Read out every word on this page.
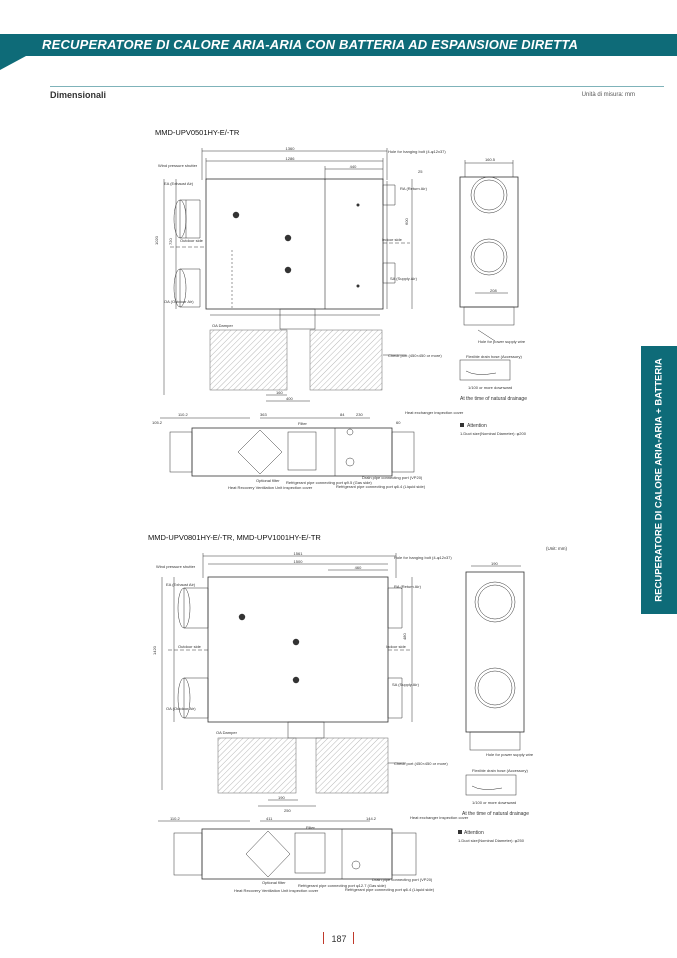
RECUPERATORE DI CALORE ARIA-ARIA CON BATTERIA AD ESPANSIONE DIRETTA
Dimensionali	Unità di misura: mm
RECUPERATORE DI CALORE ARIA-ARIA + BATTERIA
MMD-UPV0501HY-E/-TR
1360
1286
440
25
1020 720
600
160
400
Wind pressure shutter
EA (Exhaust Air)
Hole for hanging bolt (4-φ12x37)
RA (Return Air)
Outdoor side	Indoor side
SA (Supply Air)
OA (Outdoor Air)
OA Damper
Check port (450×450 or more)
160.5
208
Hole for power supply wire
Flexible drain hose (Accessory)
1/100 or more downward
At the time of natural drainage
Attention
1.Duct size(Nominal Diameter): φ200
110.2	363
105.2
84	230
60
Filter
Heat exchanger inspection cover
Optional filter
Heat Recovery Ventilation Unit inspection cover
Refrigerant pipe connecting port φ9.5 (Gas side)
Refrigerant pipe connecting port φ6.4 (Liquid side)
Drain pipe connecting port (VP20)
MMD-UPV0801HY-E/-TR, MMD-UPV1001HY-E/-TR
(Unit: mm)
1561
1500
460
1420
480
190
250
Wind pressure shutter
EA (Exhaust Air)
Hole for hanging bolt (4-φ12x37)
RA (Return Air)
Outdoor side	Indoor side
SA (Supply Air)
OA (Outdoor Air)
OA Damper
Check port (450×450 or more)
190
Hole for power supply wire
Flexible drain hose (Accessory)
1/100 or more downward
At the time of natural drainage
Attention
1.Duct size(Nominal Diameter): φ250
110.2	411	144.2
Filter
Heat exchanger inspection cover
Optional filter
Heat Recovery Ventilation Unit inspection cover
Refrigerant pipe connecting port φ12.7 (Gas side)
Refrigerant pipe connecting port φ6.4 (Liquid side)
Drain pipe connecting port (VP20)
187
